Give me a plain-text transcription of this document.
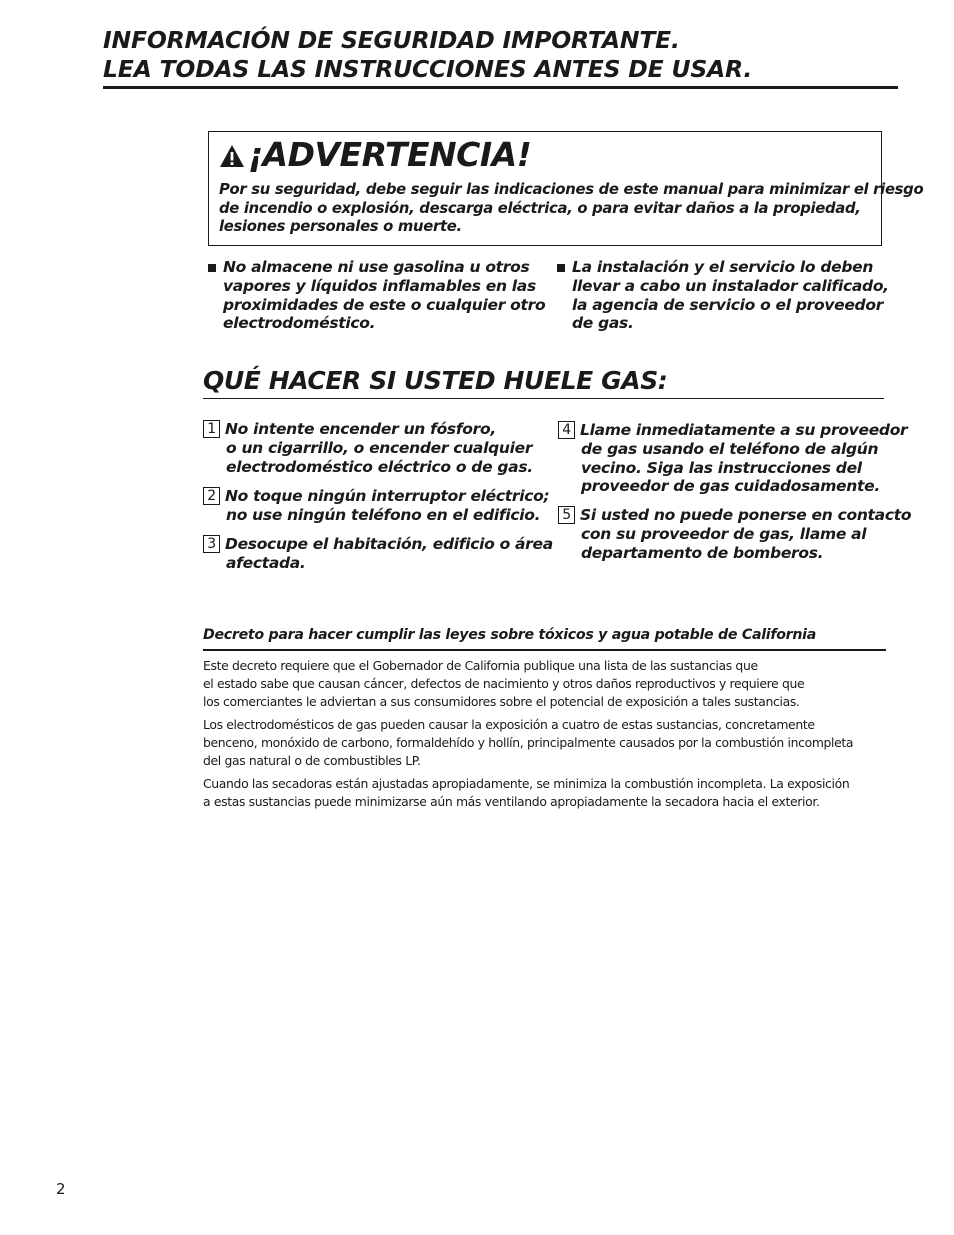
INFORMACIÓN DE SEGURIDAD IMPORTANTE.
LEA TODAS LAS INSTRUCCIONES ANTES DE USAR.
¡ADVERTENCIA!
Por su seguridad, debe seguir las indicaciones de este manual para minimizar el riesgo
de incendio o explosión, descarga eléctrica, o para evitar daños a la propiedad,
lesiones personales o muerte.
No almacene ni use gasolina u otros
vapores y líquidos inflamables en las
proximidades de este o cualquier otro
electrodoméstico.
La instalación y el servicio lo deben
llevar a cabo un instalador calificado,
la agencia de servicio o el proveedor
de gas.
QUÉ HACER SI USTED HUELE GAS:
1 No intente encender un fósforo,
o un cigarrillo, o encender cualquier
electrodoméstico eléctrico o de gas.
2 No toque ningún interruptor eléctrico;
no use ningún teléfono en el edificio.
3 Desocupe el habitación, edificio o área
afectada.
4 Llame inmediatamente a su proveedor
de gas usando el teléfono de algún
vecino. Siga las instrucciones del
proveedor de gas cuidadosamente.
5 Si usted no puede ponerse en contacto
con su proveedor de gas, llame al
departamento de bomberos.
Decreto para hacer cumplir las leyes sobre tóxicos y agua potable de California
Este decreto requiere que el Gobernador de California publique una lista de las sustancias que
el estado sabe que causan cáncer, defectos de nacimiento y otros daños reproductivos y requiere que
los comerciantes le adviertan a sus consumidores sobre el potencial de exposición a tales sustancias.
Los electrodomésticos de gas pueden causar la exposición a cuatro de estas sustancias, concretamente
benceno, monóxido de carbono, formaldehído y hollín, principalmente causados por la combustión incompleta
del gas natural o de combustibles LP.
Cuando las secadoras están ajustadas apropiadamente, se minimiza la combustión incompleta. La exposición
a estas sustancias puede minimizarse aún más ventilando apropiadamente la secadora hacia el exterior.
2
